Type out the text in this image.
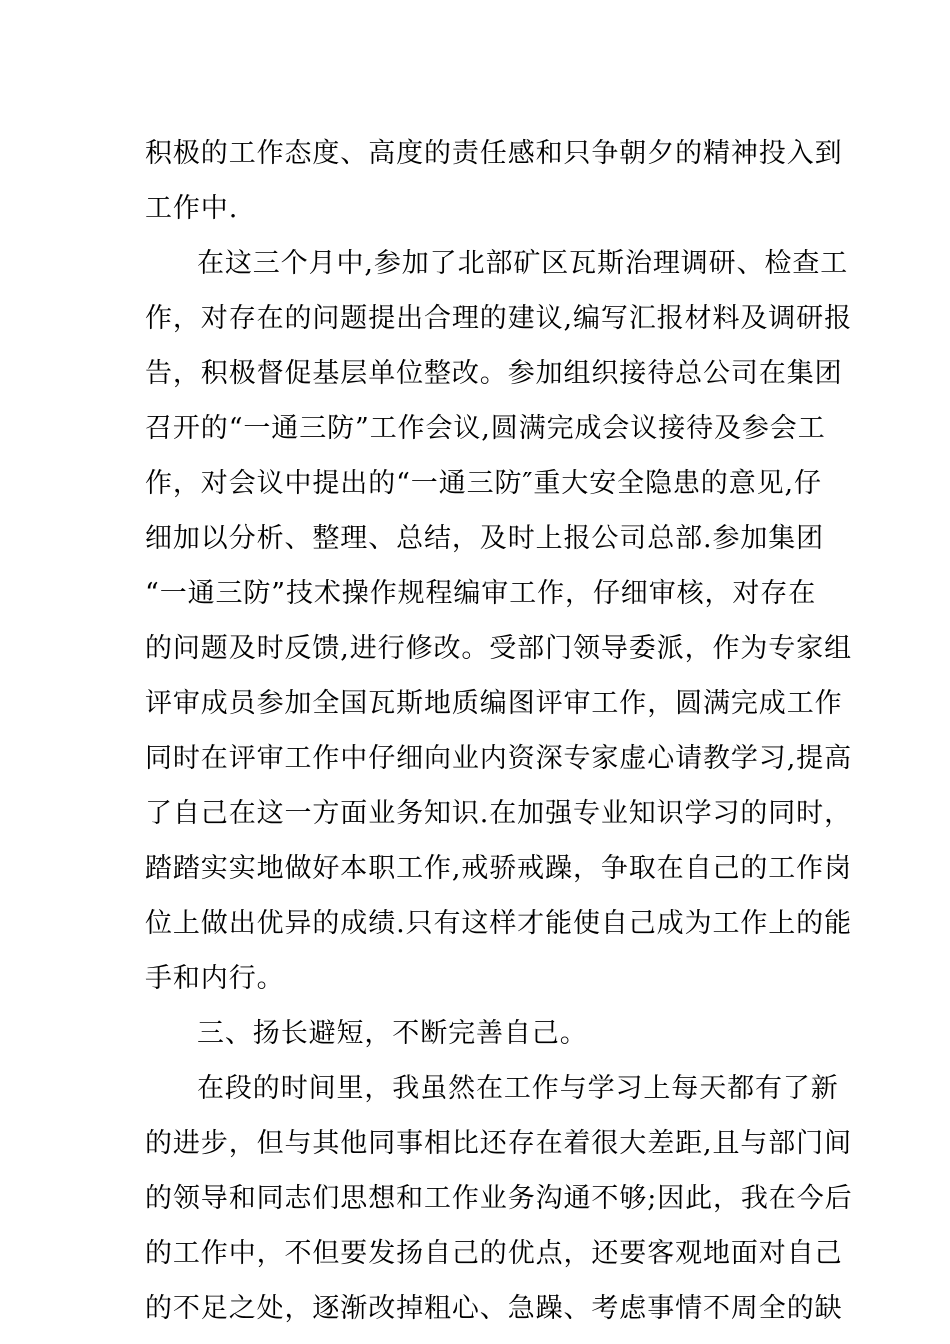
积极的工作态度、高度的责任感和只争朝夕的精神投入到
工作中.
在这三个月中,参加了北部矿区瓦斯治理调研、检查工
作，对存在的问题提出合理的建议,编写汇报材料及调研报
告，积极督促基层单位整改。参加组织接待总公司在集团
召开的“一通三防”工作会议,圆满完成会议接待及参会工
作，对会议中提出的“一通三防″重大安全隐患的意见,仔
细加以分析、整理、总结，及时上报公司总部.参加集团
“一通三防”技术操作规程编审工作，仔细审核，对存在
的问题及时反馈,进行修改。受部门领导委派，作为专家组
评审成员参加全国瓦斯地质编图评审工作，圆满完成工作
同时在评审工作中仔细向业内资深专家虚心请教学习,提高
了自己在这一方面业务知识.在加强专业知识学习的同时，
踏踏实实地做好本职工作,戒骄戒躁，争取在自己的工作岗
位上做出优异的成绩.只有这样才能使自己成为工作上的能
手和内行。
三、扬长避短，不断完善自己。
在段的时间里，我虽然在工作与学习上每天都有了新
的进步，但与其他同事相比还存在着很大差距,且与部门间
的领导和同志们思想和工作业务沟通不够;因此，我在今后
的工作中，不但要发扬自己的优点，还要客观地面对自己
的不足之处，逐渐改掉粗心、急躁、考虑事情不周全的缺
